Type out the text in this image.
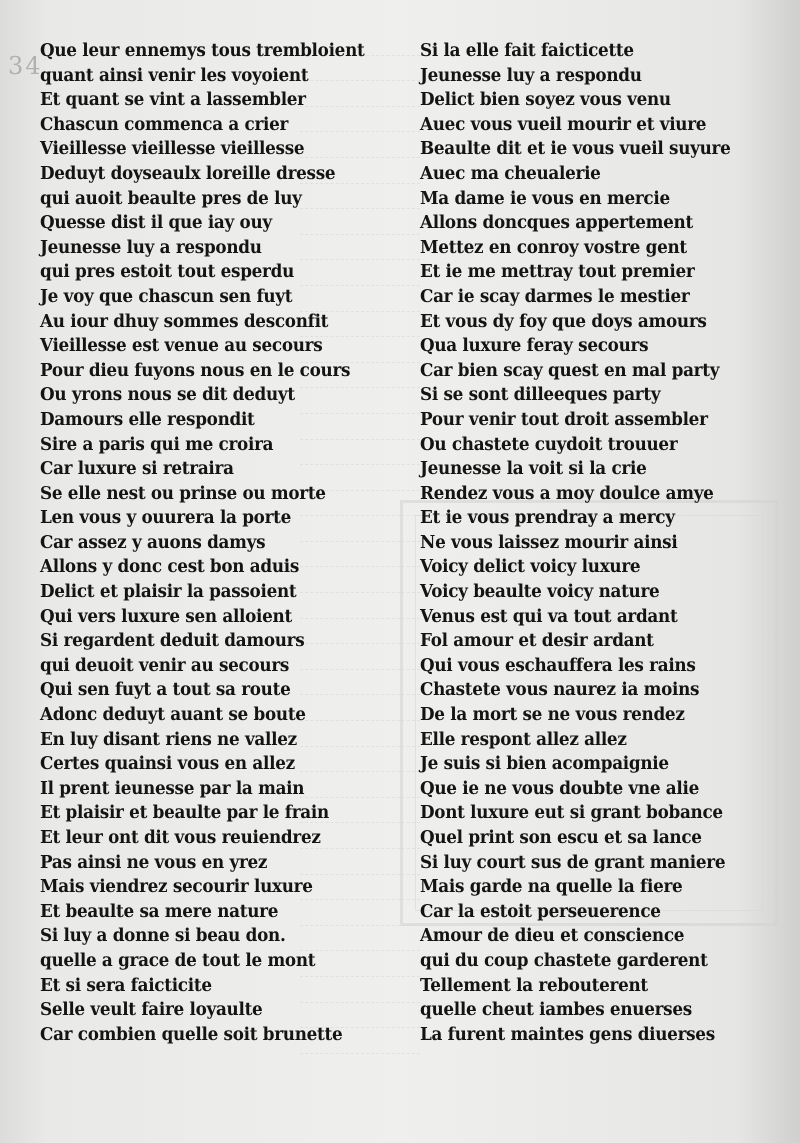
34
Que leur ennemys tous trembloient
quant ainsi venir les voyoient
Et quant se vint a lassembler
Chascun commenca a crier
Vieillesse vieillesse vieillesse
Deduyt doyseaulx loreille dresse
qui auoit beaulte pres de luy
Quesse dist il que iay ouy
Jeunesse luy a respondu
qui pres estoit tout esperdu
Je voy que chascun sen fuyt
Au iour dhuy sommes desconfit
Vieillesse est venue au secours
Pour dieu fuyons nous en le cours
Ou yrons nous se dit deduyt
Damours elle respondit
Sire a paris qui me croira
Car luxure si retraira
Se elle nest ou prinse ou morte
Len vous y ouurera la porte
Car assez y auons damys
Allons y donc cest bon aduis
Delict et plaisir la passoient
Qui vers luxure sen alloient
Si regardent deduit damours
qui deuoit venir au secours
Qui sen fuyt a tout sa route
Adonc deduyt auant se boute
En luy disant riens ne vallez
Certes quainsi vous en allez
Il prent ieunesse par la main
Et plaisir et beaulte par le frain
Et leur ont dit vous reuiendrez
Pas ainsi ne vous en yrez
Mais viendrez secourir luxure
Et beaulte sa mere nature
Si luy a donne si beau don.
quelle a grace de tout le mont
Et si sera faicticite
Selle veult faire loyaulte
Car combien quelle soit brunette
Si la elle fait faicticette
Jeunesse luy a respondu
Delict bien soyez vous venu
Auec vous vueil mourir et viure
Beaulte dit et ie vous vueil suyure
Auec ma cheualerie
Ma dame ie vous en mercie
Allons doncques appertement
Mettez en conroy vostre gent
Et ie me mettray tout premier
Car ie scay darmes le mestier
Et vous dy foy que doys amours
Qua luxure feray secours
Car bien scay quest en mal party
Si se sont dilleeques party
Pour venir tout droit assembler
Ou chastete cuydoit trouuer
Jeunesse la voit si la crie
Rendez vous a moy doulce amye
Et ie vous prendray a mercy
Ne vous laissez mourir ainsi
Voicy delict voicy luxure
Voicy beaulte voicy nature
Venus est qui va tout ardant
Fol amour et desir ardant
Qui vous eschauffera les rains
Chastete vous naurez ia moins
De la mort se ne vous rendez
Elle respont allez allez
Je suis si bien acompaignie
Que ie ne vous doubte vne alie
Dont luxure eut si grant bobance
Quel print son escu et sa lance
Si luy court sus de grant maniere
Mais garde na quelle la fiere
Car la estoit perseuerence
Amour de dieu et conscience
qui du coup chastete garderent
Tellement la rebouterent
quelle cheut iambes enuerses
La furent maintes gens diuerses
